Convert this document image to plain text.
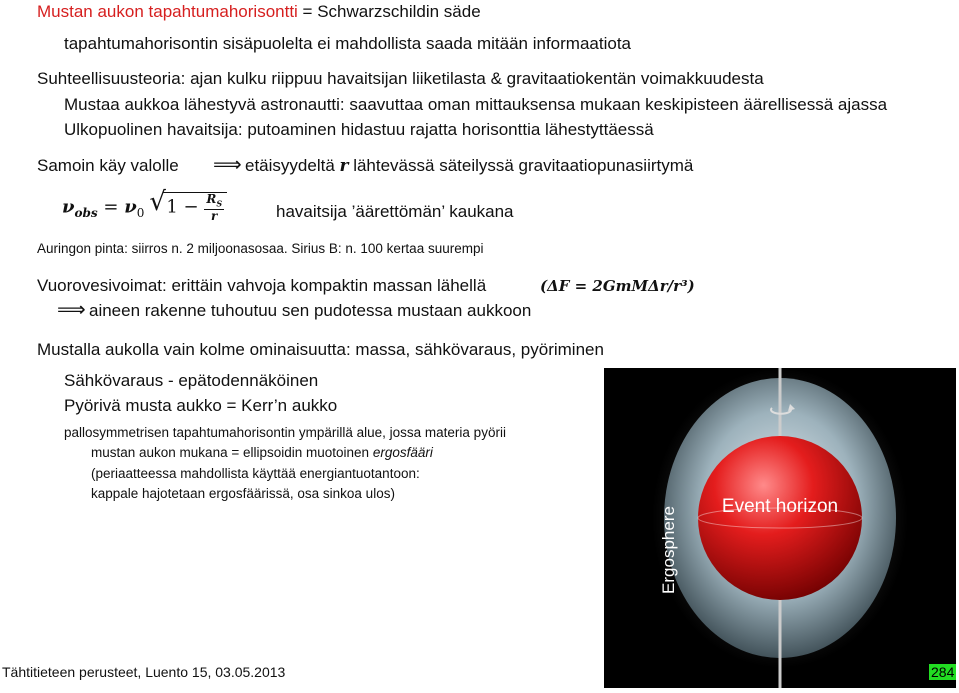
Mustan aukon tapahtumahorisontti = Schwarzschildin säde
tapahtumahorisontin sisäpuolelta ei mahdollista saada mitään informaatiota
Suhteellisuusteoria: ajan kulku riippuu havaitsijan liiketilasta & gravitaatiokentän voimakkuudesta
Mustaa aukkoa lähestyvä astronautti: saavuttaa oman mittauksensa mukaan keskipisteen äärellisessä ajassa
Ulkopuolinen havaitsija: putoaminen hidastuu rajatta horisonttia lähestyttäessä
Samoin käy valolle ⟹ etäisyydeltä r lähtevässä säteilyssä gravitaatiopunasiirtymä
$\nu_{obs} = \nu_0$ √ $1 - \frac{R_S}{r}$	havaitsija ’äärettömän’ kaukana
Auringon pinta: siirros n. 2 miljoonasosaa. Sirius B: n. 100 kertaa suurempi
Vuorovesivoimat: erittäin vahvoja kompaktin massan lähellä	(ΔF = 2GmMΔr/r³)
⟹ aineen rakenne tuhoutuu sen pudotessa mustaan aukkoon
Mustalla aukolla vain kolme ominaisuutta: massa, sähkövaraus, pyöriminen
Sähkövaraus - epätodennäköinen
Pyörivä musta aukko = Kerr’n aukko
pallosymmetrisen tapahtumahorisontin ympärillä alue, jossa materia pyörii
mustan aukon mukana = ellipsoidin muotoinen ergosfääri
(periaatteessa mahdollista käyttää energiantuotantoon:
kappale hajotetaan ergosfäärissä, osa sinkoa ulos)
Event horizon
Ergosphere
Tähtitieteen perusteet, Luento 15, 03.05.2013	284
